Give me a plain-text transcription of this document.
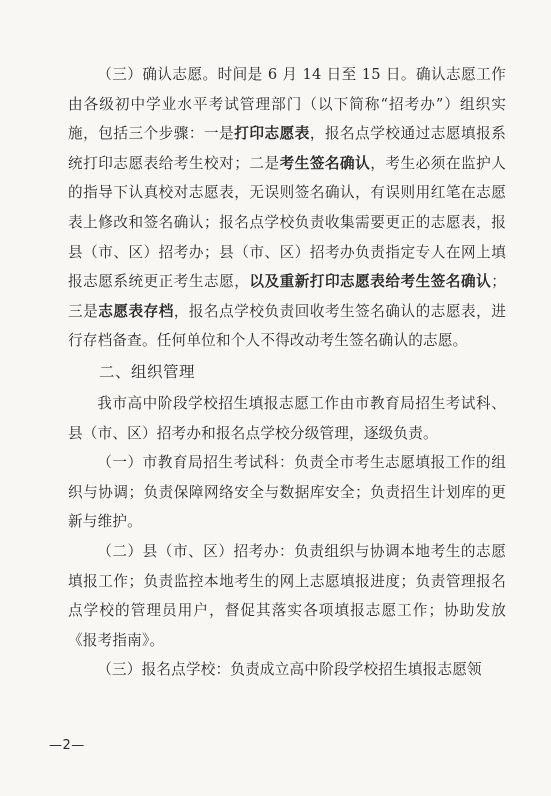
（三）确认志愿。时间是 6 月 14 日至 15 日。确认志愿工作由各级初中学业水平考试管理部门（以下简称“招考办”）组织实施，包括三个步骤：一是打印志愿表，报名点学校通过志愿填报系统打印志愿表给考生校对；二是考生签名确认，考生必须在监护人的指导下认真校对志愿表，无误则签名确认，有误则用红笔在志愿表上修改和签名确认；报名点学校负责收集需要更正的志愿表，报县（市、区）招考办；县（市、区）招考办负责指定专人在网上填报志愿系统更正考生志愿，以及重新打印志愿表给考生签名确认；三是志愿表存档，报名点学校负责回收考生签名确认的志愿表，进行存档备查。任何单位和个人不得改动考生签名确认的志愿。

二、组织管理

我市高中阶段学校招生填报志愿工作由市教育局招生考试科、县（市、区）招考办和报名点学校分级管理，逐级负责。

（一）市教育局招生考试科：负责全市考生志愿填报工作的组织与协调；负责保障网络安全与数据库安全；负责招生计划库的更新与维护。

（二）县（市、区）招考办：负责组织与协调本地考生的志愿填报工作；负责监控本地考生的网上志愿填报进度；负责管理报名点学校的管理员用户，督促其落实各项填报志愿工作；协助发放《报考指南》。

（三）报名点学校：负责成立高中阶段学校招生填报志愿领

—2—
